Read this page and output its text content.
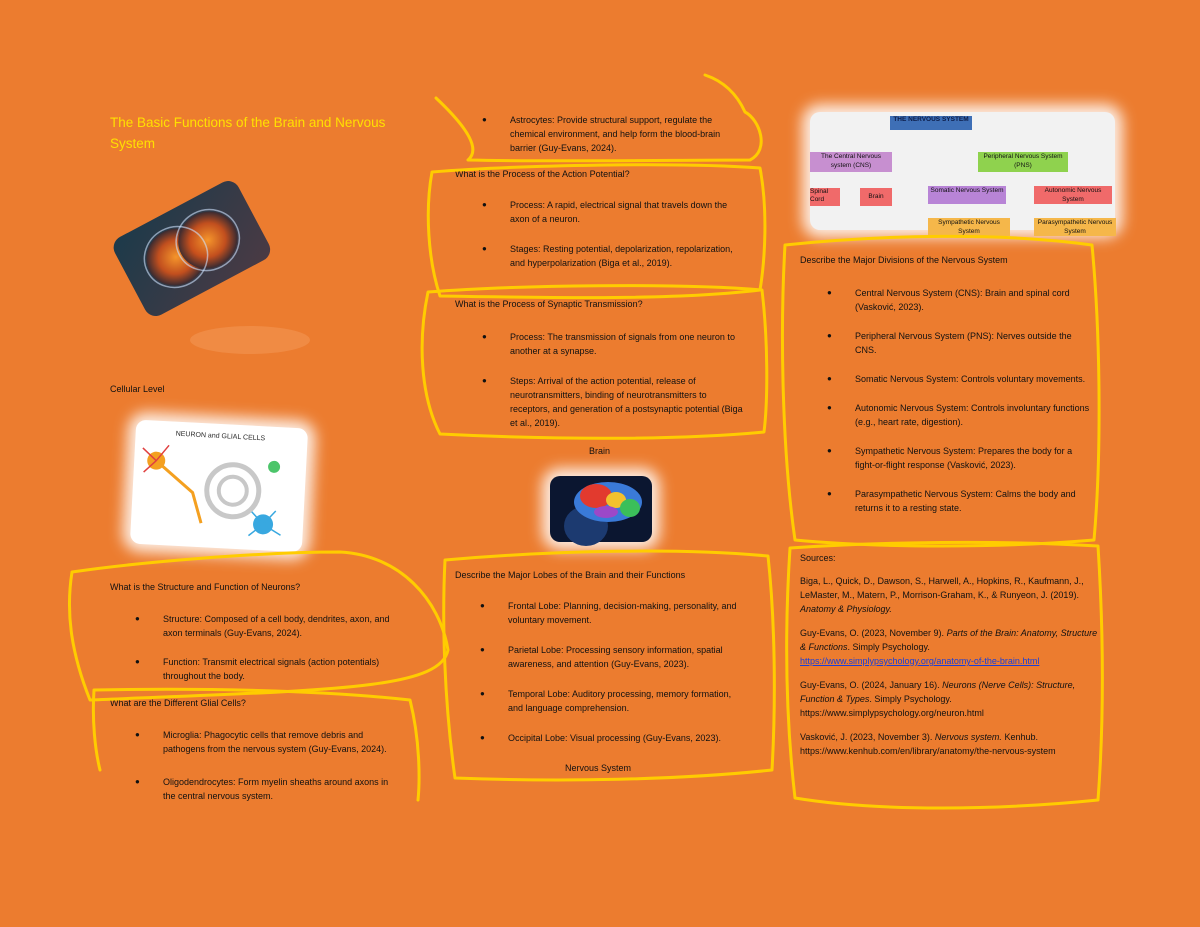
The Basic Functions of the Brain and Nervous System
Cellular Level
NEURON and GLIAL CELLS
● Astrocytes: Provide structural support, regulate the chemical environment, and help form the blood-brain barrier (Guy-Evans, 2024).
What is the Process of the Action Potential?
● Process: A rapid, electrical signal that travels down the axon of a neuron.
● Stages: Resting potential, depolarization, repolarization, and hyperpolarization (Biga et al., 2019).
What is the Process of Synaptic Transmission?
● Process: The transmission of signals from one neuron to another at a synapse.
● Steps: Arrival of the action potential, release of neurotransmitters, binding of neurotransmitters to receptors, and generation of a postsynaptic potential (Biga et al., 2019).
Brain
What is the Structure and Function of Neurons?
● Structure: Composed of a cell body, dendrites, axon, and axon terminals (Guy-Evans, 2024).
● Function: Transmit electrical signals (action potentials) throughout the body.
What are the Different Glial Cells?
● Microglia: Phagocytic cells that remove debris and pathogens from the nervous system (Guy-Evans, 2024).
● Oligodendrocytes: Form myelin sheaths around axons in the central nervous system.
Describe the Major Lobes of the Brain and their Functions
● Frontal Lobe: Planning, decision-making, personality, and voluntary movement.
● Parietal Lobe: Processing sensory information, spatial awareness, and attention (Guy-Evans, 2023).
● Temporal Lobe: Auditory processing, memory formation, and language comprehension.
● Occipital Lobe: Visual processing (Guy-Evans, 2023).
Nervous System
THE NERVOUS SYSTEM
The Central Nervous system (CNS)
Peripheral Nervous System (PNS)
Spinal Cord	Brain
Somatic Nervous System	Autonomic Nervous System
Sympathetic Nervous System
Parasympathetic Nervous System
Describe the Major Divisions of the Nervous System
● Central Nervous System (CNS): Brain and spinal cord (Vasković, 2023).
● Peripheral Nervous System (PNS): Nerves outside the CNS.
● Somatic Nervous System: Controls voluntary movements.
● Autonomic Nervous System: Controls involuntary functions (e.g., heart rate, digestion).
● Sympathetic Nervous System: Prepares the body for a fight-or-flight response (Vasković, 2023).
● Parasympathetic Nervous System: Calms the body and returns it to a resting state.

Sources:

Biga, L., Quick, D., Dawson, S., Harwell, A., Hopkins, R., Kaufmann, J., LeMaster, M., Matern, P., Morrison-Graham, K., & Runyeon, J. (2019). Anatomy & Physiology.

Guy-Evans, O. (2023, November 9). Parts of the Brain: Anatomy, Structure & Functions. Simply Psychology.
https://www.simplypsychology.org/anatomy-of-the-brain.html

Guy-Evans, O. (2024, January 16). Neurons (Nerve Cells): Structure, Function & Types. Simply Psychology.
https://www.simplypsychology.org/neuron.html

Vasković, J. (2023, November 3). Nervous system. Kenhub.
https://www.kenhub.com/en/library/anatomy/the-nervous-system
